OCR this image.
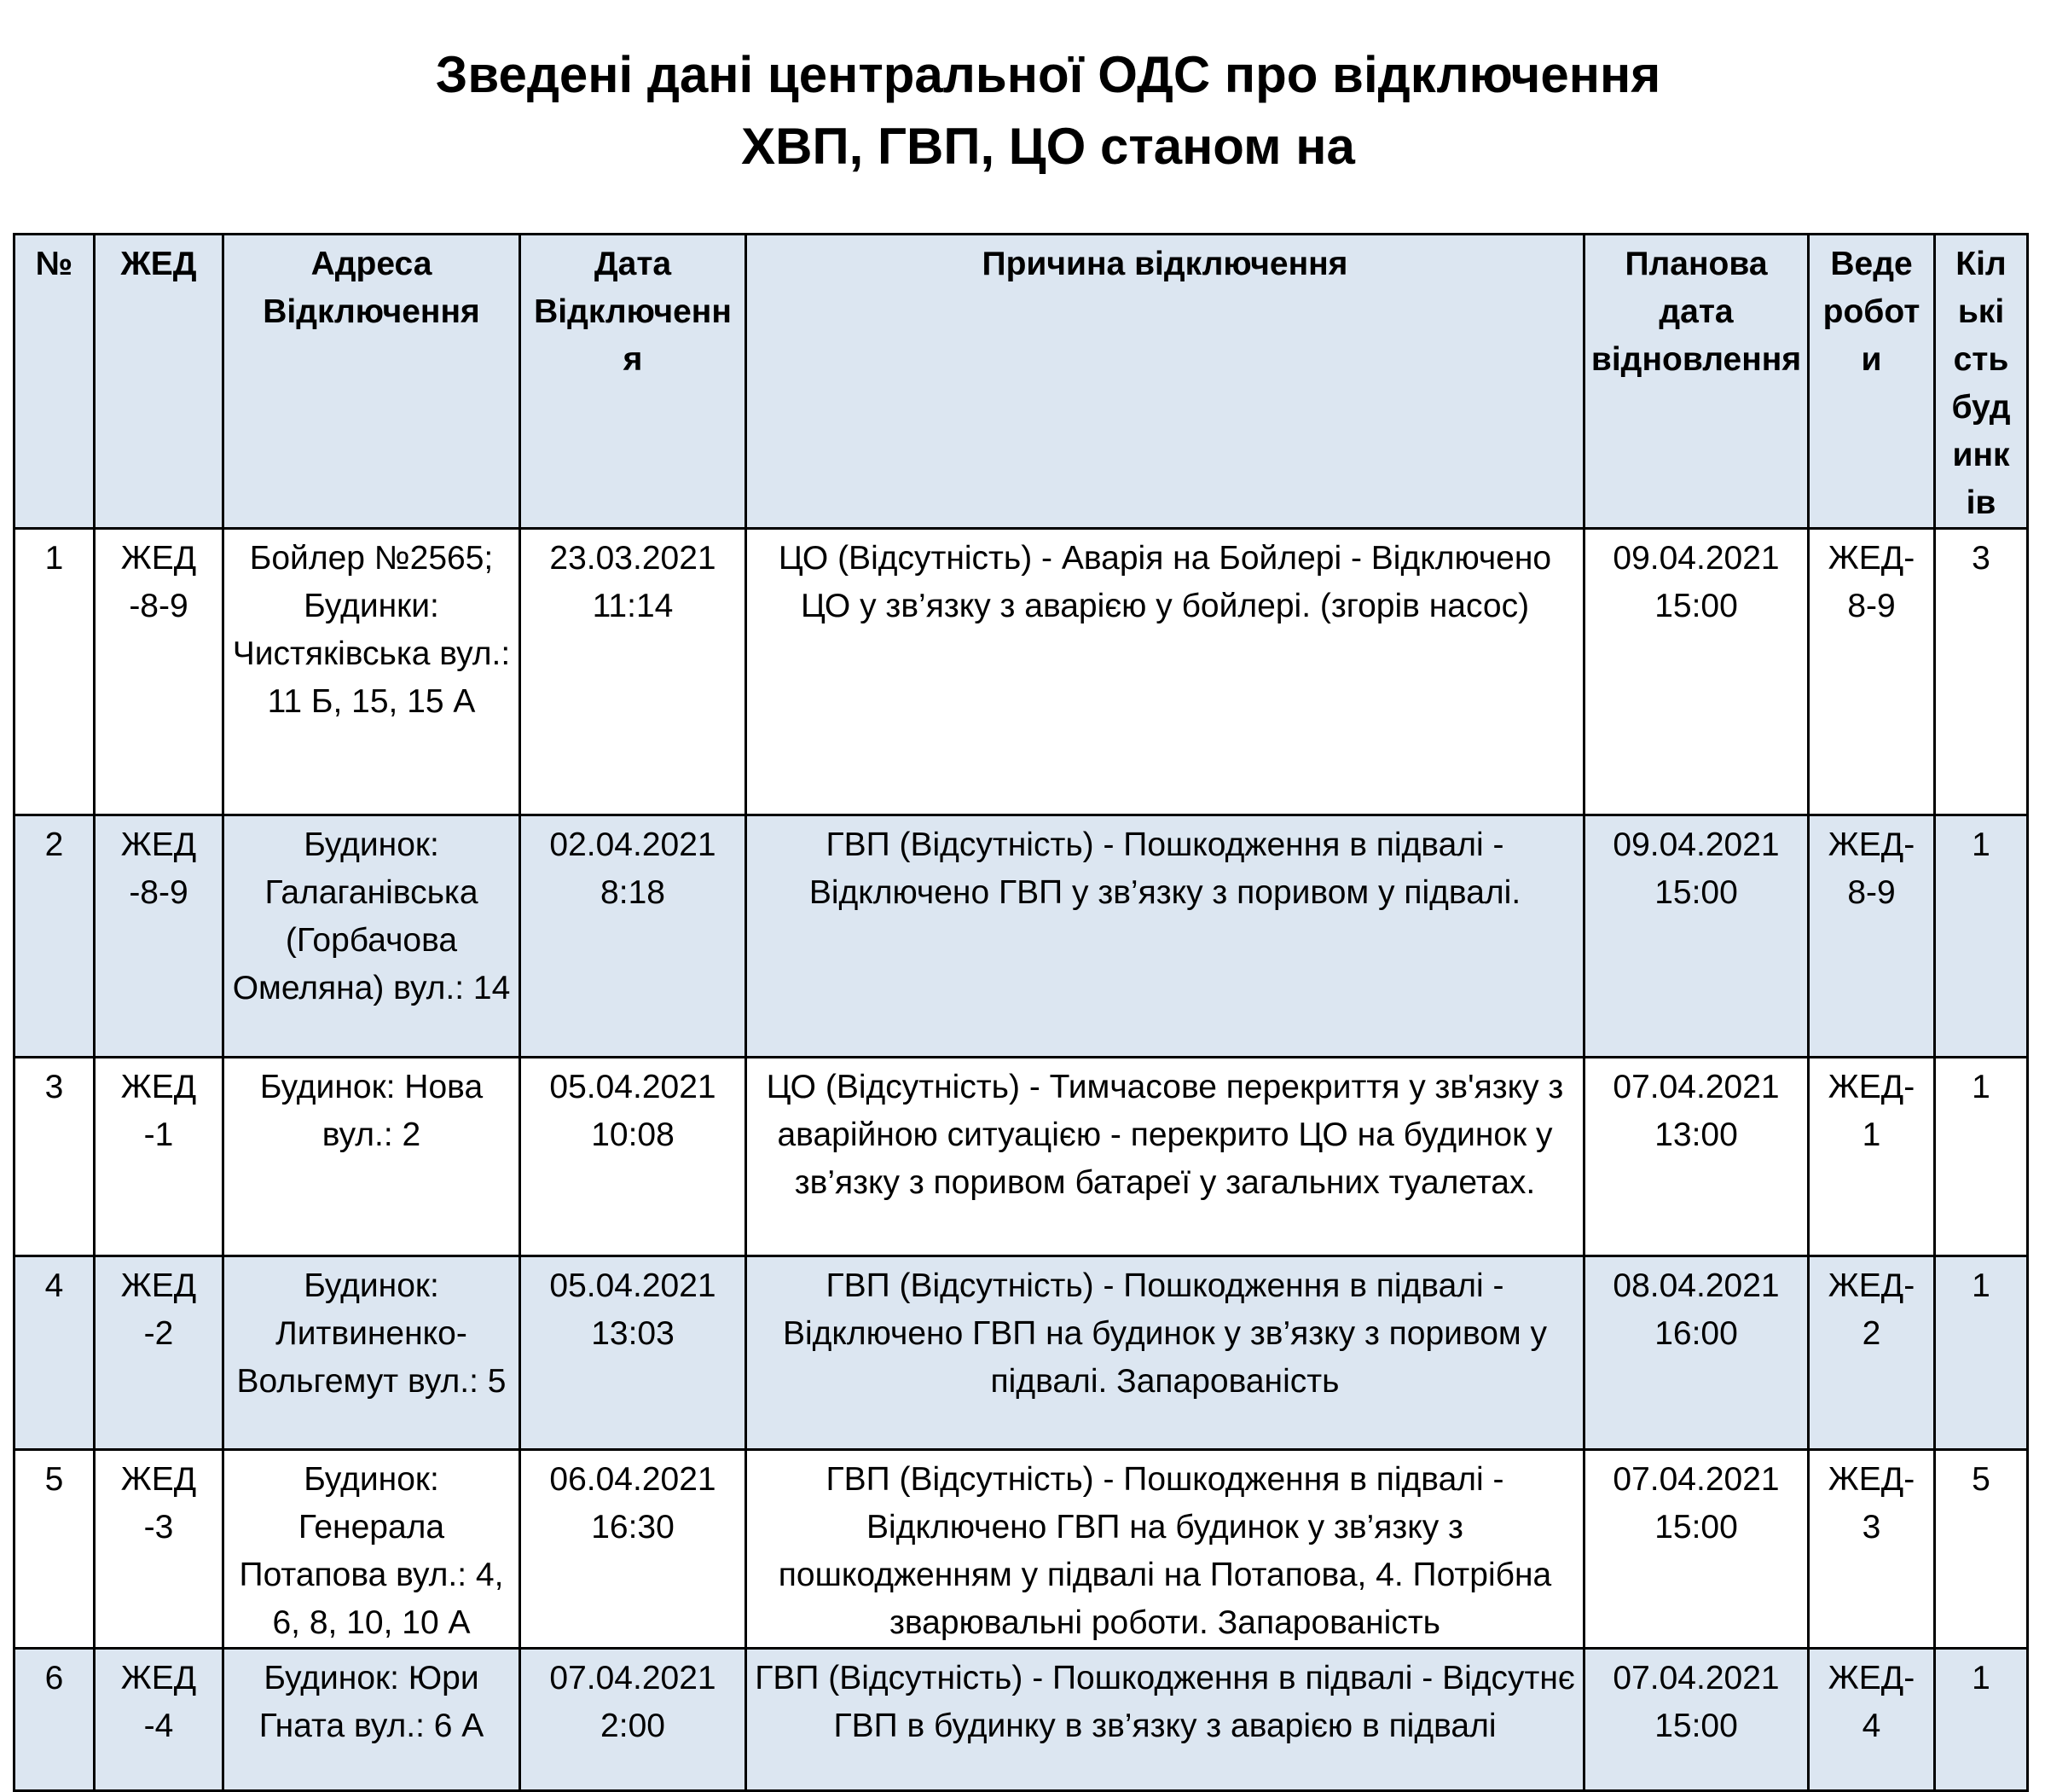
Зведені дані центральної ОДС про відключення
ХВП, ГВП, ЦО станом на
№	ЖЕД	Адреса Відключення	Дата Відключення	Причина відключення	Планова дата відновлення	Веде роботи	Кількість будинків
1	ЖЕД-8-9	Бойлер №2565; Будинки: Чистяківська вул.: 11 Б, 15, 15 А	23.03.2021 11:14	ЦО (Відсутність) - Аварія на Бойлері - Відключено ЦО у зв’язку з аварією у бойлері. (згорів насос)	09.04.2021 15:00	ЖЕД-8-9	3
2	ЖЕД-8-9	Будинок: Галаганівська (Горбачова Омеляна) вул.: 14	02.04.2021 8:18	ГВП (Відсутність) - Пошкодження в підвалі - Відключено ГВП у зв’язку з поривом у підвалі.	09.04.2021 15:00	ЖЕД-8-9	1
3	ЖЕД-1	Будинок: Нова вул.: 2	05.04.2021 10:08	ЦО (Відсутність) - Тимчасове перекриття у зв'язку з аварійною ситуацією - перекрито ЦО на будинок у зв’язку з поривом батареї у загальних туалетах.	07.04.2021 13:00	ЖЕД-1	1
4	ЖЕД-2	Будинок: Литвиненко-Вольгемут вул.: 5	05.04.2021 13:03	ГВП (Відсутність) - Пошкодження в підвалі - Відключено ГВП на будинок у зв’язку з поривом у підвалі. Запарованість	08.04.2021 16:00	ЖЕД-2	1
5	ЖЕД-3	Будинок: Генерала Потапова вул.: 4, 6, 8, 10, 10 А	06.04.2021 16:30	ГВП (Відсутність) - Пошкодження в підвалі - Відключено ГВП на будинок у зв’язку з пошкодженням у підвалі на Потапова, 4. Потрібна зварювальні роботи. Запарованість	07.04.2021 15:00	ЖЕД-3	5
6	ЖЕД-4	Будинок: Юри Гната вул.: 6 А	07.04.2021 2:00	ГВП (Відсутність) - Пошкодження в підвалі - Відсутнє ГВП в будинку в зв’язку з аварією в підвалі	07.04.2021 15:00	ЖЕД-4	1
